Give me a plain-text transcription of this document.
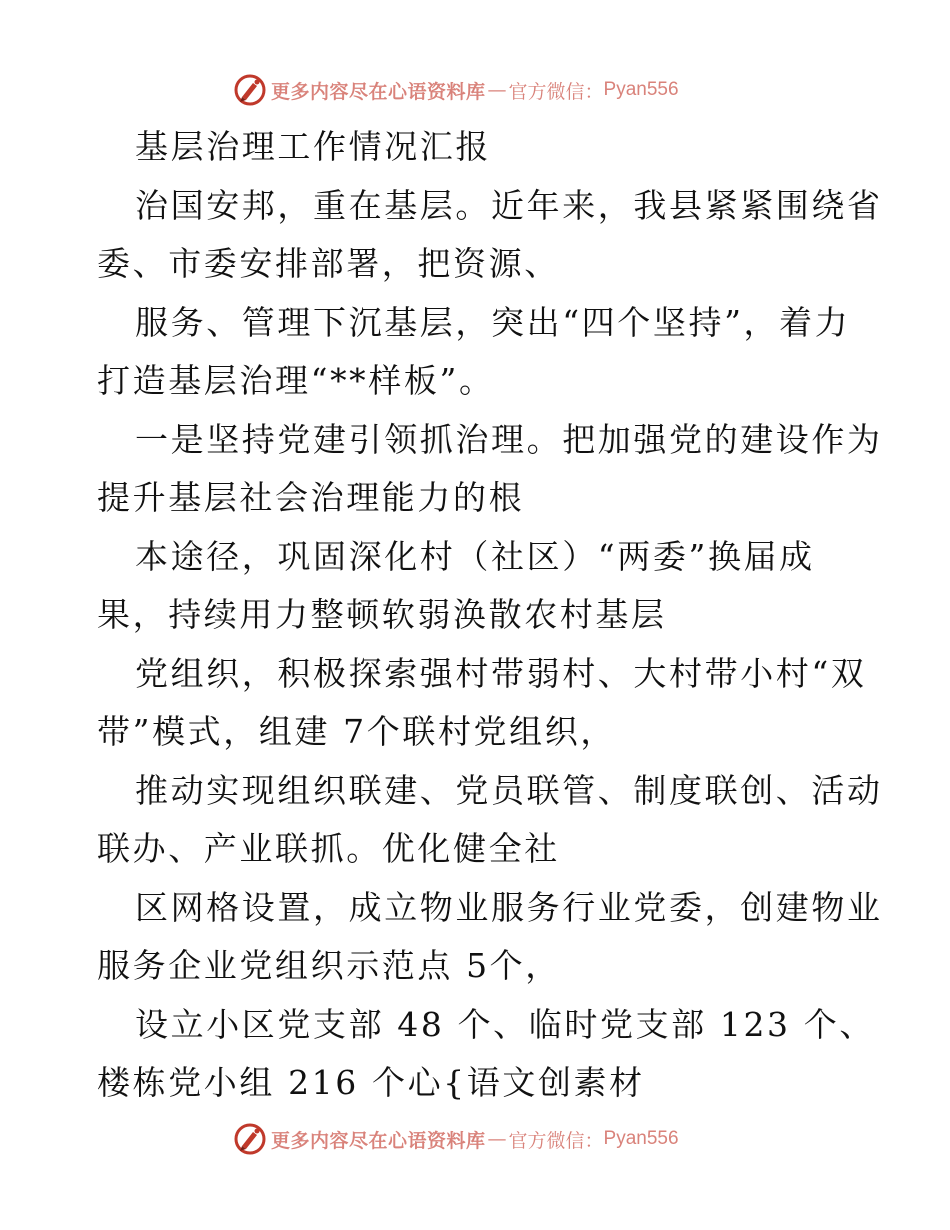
更多内容尽在心语资料库 — 官方微信： Pyan556
基层治理工作情况汇报
治国安邦，重在基层。近年来，我县紧紧围绕省
委、市委安排部署，把资源、
服务、管理下沉基层，突出“四个坚持”，着力
打造基层治理“**样板”。
一是坚持党建引领抓治理。把加强党的建设作为
提升基层社会治理能力的根
本途径，巩固深化村（社区）“两委”换届成
果，持续用力整顿软弱涣散农村基层
党组织，积极探索强村带弱村、大村带小村“双
带”模式，组建 7个联村党组织，
推动实现组织联建、党员联管、制度联创、活动
联办、产业联抓。优化健全社
区网格设置，成立物业服务行业党委，创建物业
服务企业党组织示范点 5个，
设立小区党支部 48 个、临时党支部 123 个、
楼栋党小组 216 个心{语文创素材
更多内容尽在心语资料库 — 官方微信： Pyan556
